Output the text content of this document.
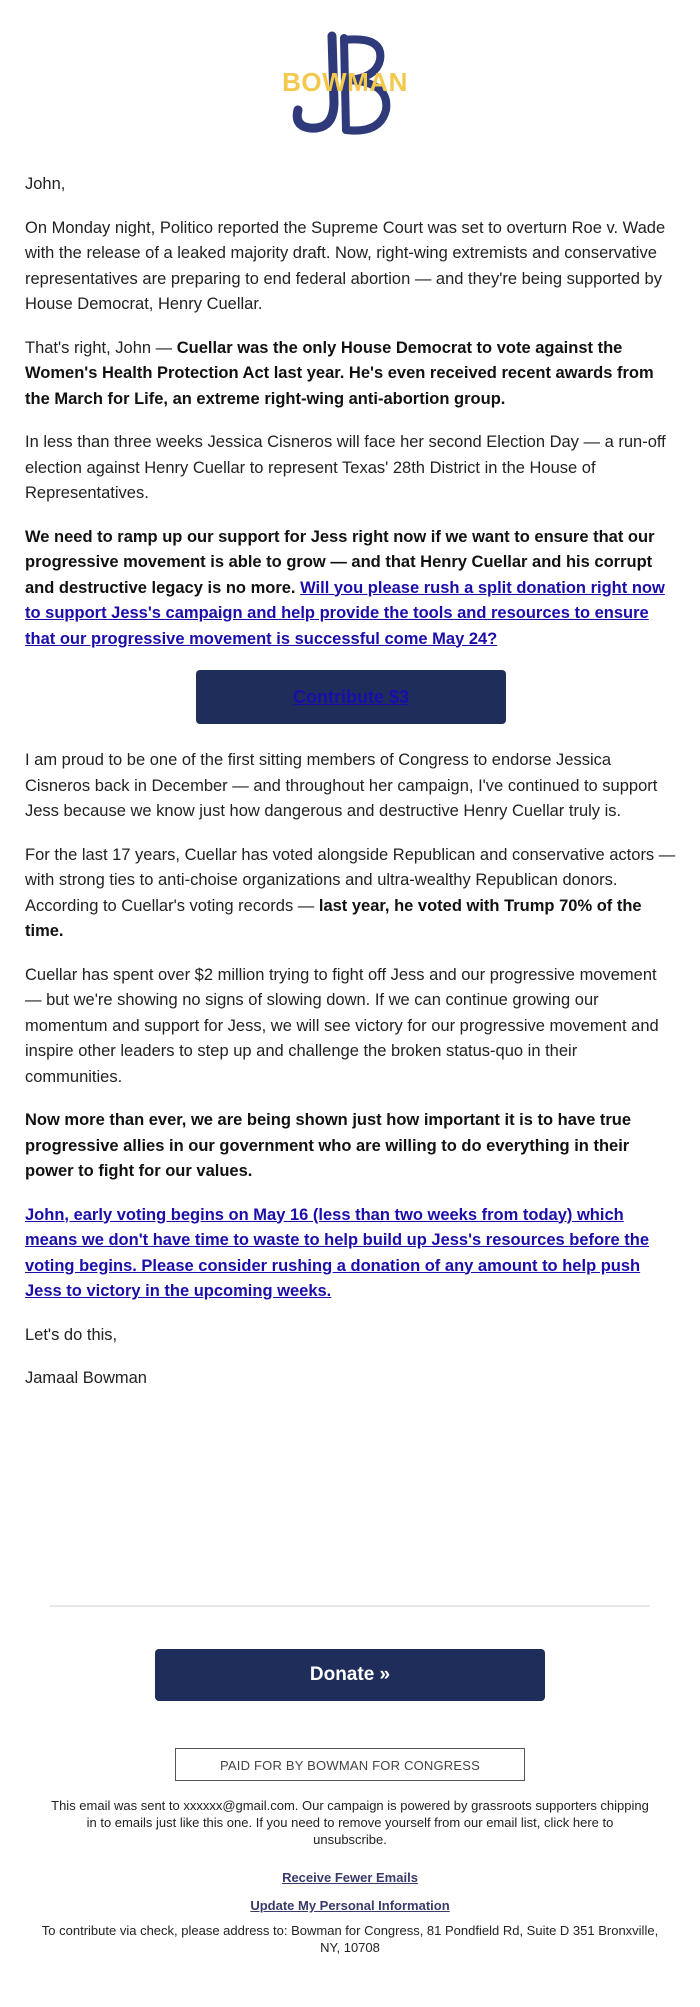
BOWMAN

John,

On Monday night, Politico reported the Supreme Court was set to overturn Roe v. Wade with the release of a leaked majority draft. Now, right-wing extremists and conservative representatives are preparing to end federal abortion — and they're being supported by House Democrat, Henry Cuellar.

That's right, John — Cuellar was the only House Democrat to vote against the Women's Health Protection Act last year. He's even received recent awards from the March for Life, an extreme right-wing anti-abortion group.

In less than three weeks Jessica Cisneros will face her second Election Day — a run-off election against Henry Cuellar to represent Texas' 28th District in the House of Representatives.

We need to ramp up our support for Jess right now if we want to ensure that our progressive movement is able to grow — and that Henry Cuellar and his corrupt and destructive legacy is no more. Will you please rush a split donation right now to support Jess's campaign and help provide the tools and resources to ensure that our progressive movement is successful come May 24?

Contribute $3

I am proud to be one of the first sitting members of Congress to endorse Jessica Cisneros back in December — and throughout her campaign, I've continued to support Jess because we know just how dangerous and destructive Henry Cuellar truly is.

For the last 17 years, Cuellar has voted alongside Republican and conservative actors — with strong ties to anti-choise organizations and ultra-wealthy Republican donors. According to Cuellar's voting records — last year, he voted with Trump 70% of the time.

Cuellar has spent over $2 million trying to fight off Jess and our progressive movement — but we're showing no signs of slowing down. If we can continue growing our momentum and support for Jess, we will see victory for our progressive movement and inspire other leaders to step up and challenge the broken status-quo in their communities.

Now more than ever, we are being shown just how important it is to have true progressive allies in our government who are willing to do everything in their power to fight for our values.

John, early voting begins on May 16 (less than two weeks from today) which means we don't have time to waste to help build up Jess's resources before the voting begins. Please consider rushing a donation of any amount to help push Jess to victory in the upcoming weeks.

Let's do this,

Jamaal Bowman

Donate »
PAID FOR BY BOWMAN FOR CONGRESS
This email was sent to xxxxxx@gmail.com. Our campaign is powered by grassroots supporters chipping in to emails just like this one. If you need to remove yourself from our email list, click here to unsubscribe.
Receive Fewer Emails
Update My Personal Information
To contribute via check, please address to: Bowman for Congress, 81 Pondfield Rd, Suite D 351 Bronxville, NY, 10708
